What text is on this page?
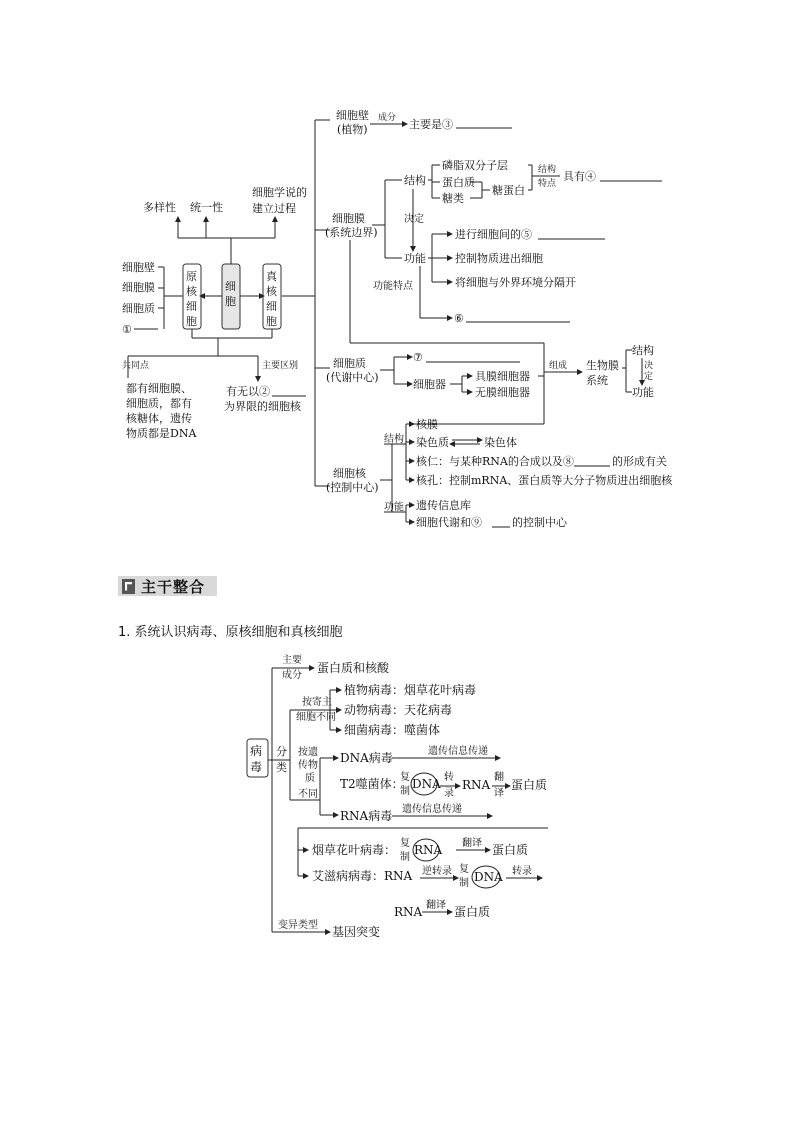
细胞壁
(植物)
成分 主要是③
细胞膜
(系统边界)
结构
功能
决定
磷脂双分子层
蛋白质
糖类
糖蛋白
结构
特点
具有④
进行细胞间的⑤
控制物质进出细胞
将细胞与外界环境分隔开
功能特点
⑥
细胞质
(代谢中心)
⑦
细胞器
具膜细胞器
无膜细胞器
组成 生物膜
系统
结构
功能
决
定
细胞核
(控制中心)
结构
功能
核膜
染色质	染色体
核仁：与某种RNA的合成以及⑧	的形成有关
核孔：控制mRNA、蛋白质等大分子物质进出细胞核
遗传信息库
细胞代谢和⑨	的控制中心
多样性 统一性
细胞学说的
建立过程
细胞壁
细胞膜
细胞质
①
原
核
细
胞
细
胞
真
核
细
胞
共同点	主要区别
都有细胞膜、
细胞质，都有
核糖体，遗传
物质都是DNA
有无以②
为界限的细胞核
病
毒
主要
成分
蛋白质和核酸
分
类
按寄主
细胞不同
植物病毒：烟草花叶病毒
动物病毒：天花病毒
细菌病毒：噬菌体
按遗
传物
质
不同
DNA病毒	遗传信息传递
T2噬菌体：
复
制
DNA 转
录
RNA
翻
译
蛋白质
RNA病毒 遗传信息传递
烟草花叶病毒： 复
制
RNA 翻译 蛋白质
艾滋病病毒：RNA 逆转录 复
制 DNA 转录
RNA 翻译 蛋白质
变异类型 基因突变
主干整合
1. 系统认识病毒、原核细胞和真核细胞
